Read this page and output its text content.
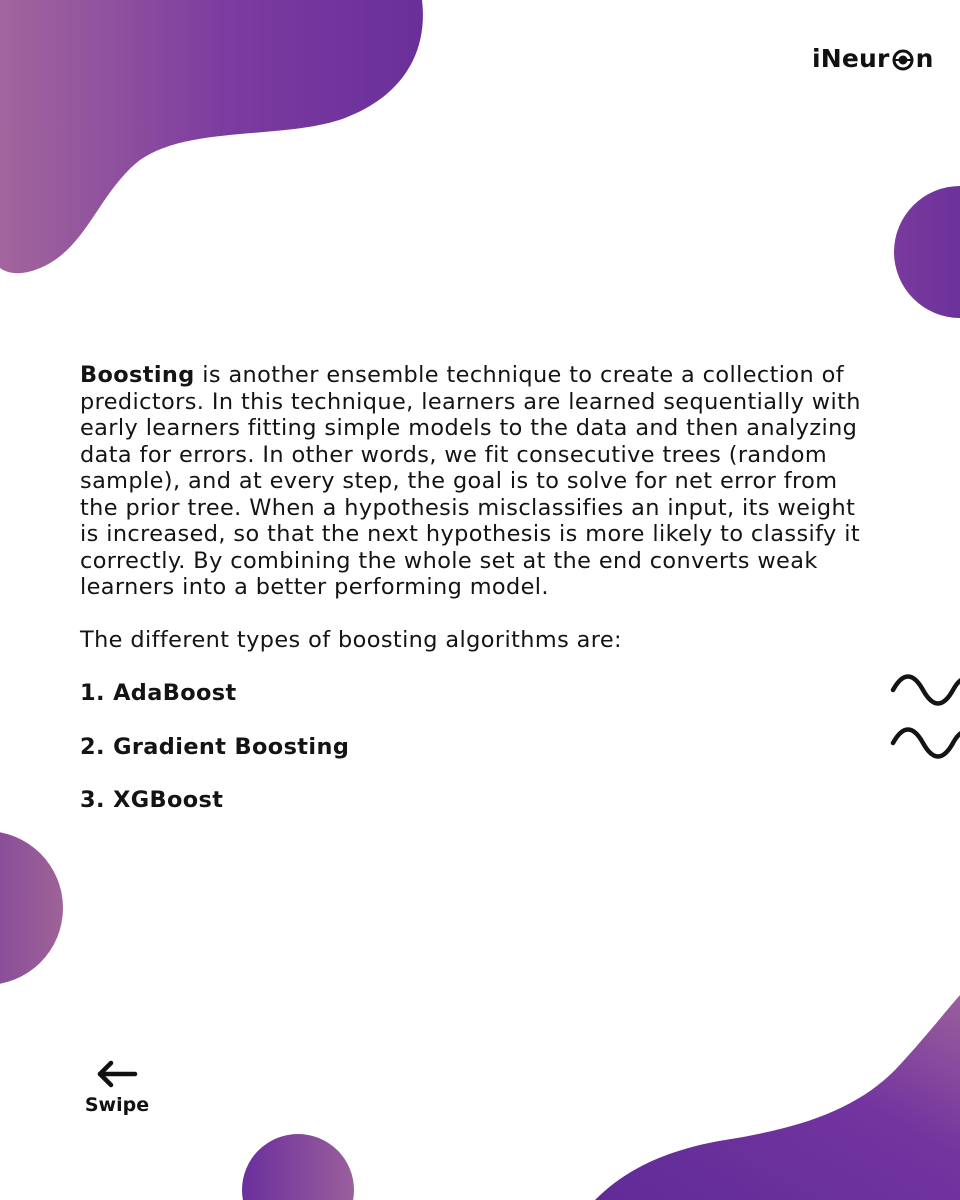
iNeur n

Boosting is another ensemble technique to create a collection of predictors. In this technique, learners are learned sequentially with early learners fitting simple models to the data and then analyzing data for errors. In other words, we fit consecutive trees (random sample), and at every step, the goal is to solve for net error from the prior tree. When a hypothesis misclassifies an input, its weight is increased, so that the next hypothesis is more likely to classify it correctly. By combining the whole set at the end converts weak learners into a better performing model.

The different types of boosting algorithms are:

1. AdaBoost
2. Gradient Boosting
3. XGBoost
Swipe
